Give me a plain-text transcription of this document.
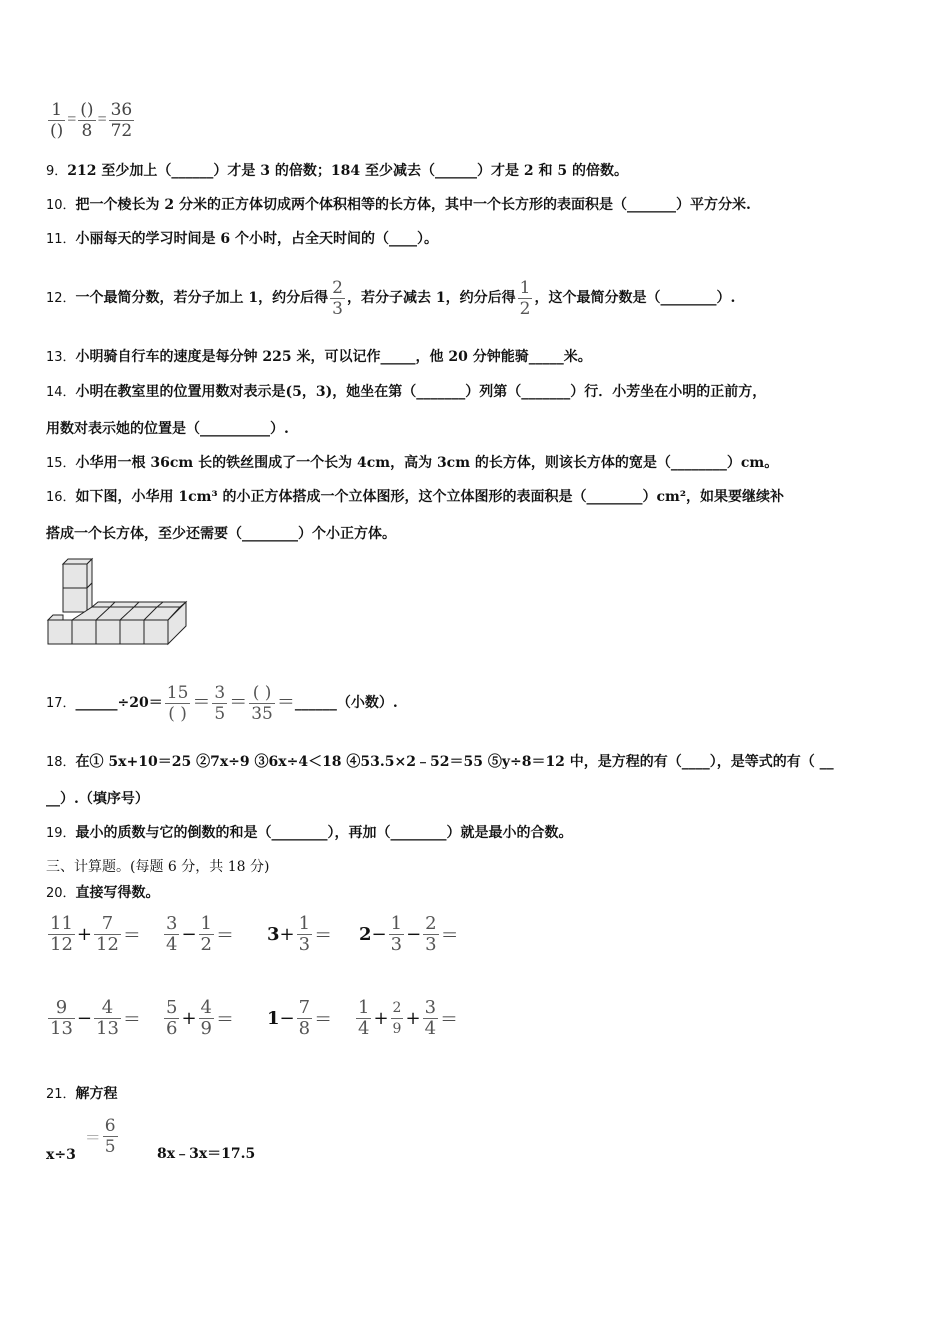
$\frac{1}{()} = \frac{()}{8} = \frac{36}{72}$
9．212 至少加上（______）才是 3 的倍数；184 至少减去（______）才是 2 和 5 的倍数。
10．把一个棱长为 2 分米的正方体切成两个体积相等的长方体，其中一个长方形的表面积是（_______）平方分米.
11．小丽每天的学习时间是 6 个小时，占全天时间的（____）。
12．一个最简分数，若分子加上 1，约分后得 $\frac{2}{3}$ ，若分子减去 1，约分后得 $\frac{1}{2}$ ，这个最简分数是（________）.
13．小明骑自行车的速度是每分钟 225 米，可以记作_____，他 20 分钟能骑_____米。
14．小明在教室里的位置用数对表示是(5，3)，她坐在第（_______）列第（_______）行．小芳坐在小明的正前方，
用数对表示她的位置是（__________）.
15．小华用一根 36cm 长的铁丝围成了一个长为 4cm，高为 3cm 的长方体，则该长方体的宽是（________）cm。
16．如下图，小华用 1cm³ 的小正方体搭成一个立体图形，这个立体图形的表面积是（________）cm²，如果要继续补
搭成一个长方体，至少还需要（________）个小正方体。
17．______÷20＝ $\frac{15}{( )} = \frac{3}{5} = \frac{( )}{35}$ ＝______（小数）.
18．在① 5x+10＝25 ②7x÷9 ③6x÷4＜18 ④53.5×2﹣52＝55 ⑤y÷8＝12 中，是方程的有（____），是等式的有（ __
__）.（填序号）
19．最小的质数与它的倒数的和是（________），再加（________）就是最小的合数。
三、计算题。(每题 6 分，共 18 分)
20．直接写得数。
$\frac{11}{12} + \frac{7}{12} = \frac{3}{4} - \frac{1}{2} = 3+ \frac{1}{3} = 2- \frac{1}{3} - \frac{2}{3}$ ＝
$\frac{9}{13} - \frac{4}{13} = \frac{5}{6} + \frac{4}{9} = 1- \frac{7}{8} = \frac{1}{4} + \frac{2}{9} + \frac{3}{4}$ ＝
21．解方程
$x\div 3 = \frac{6}{5}$	8x﹣3x＝17.5
